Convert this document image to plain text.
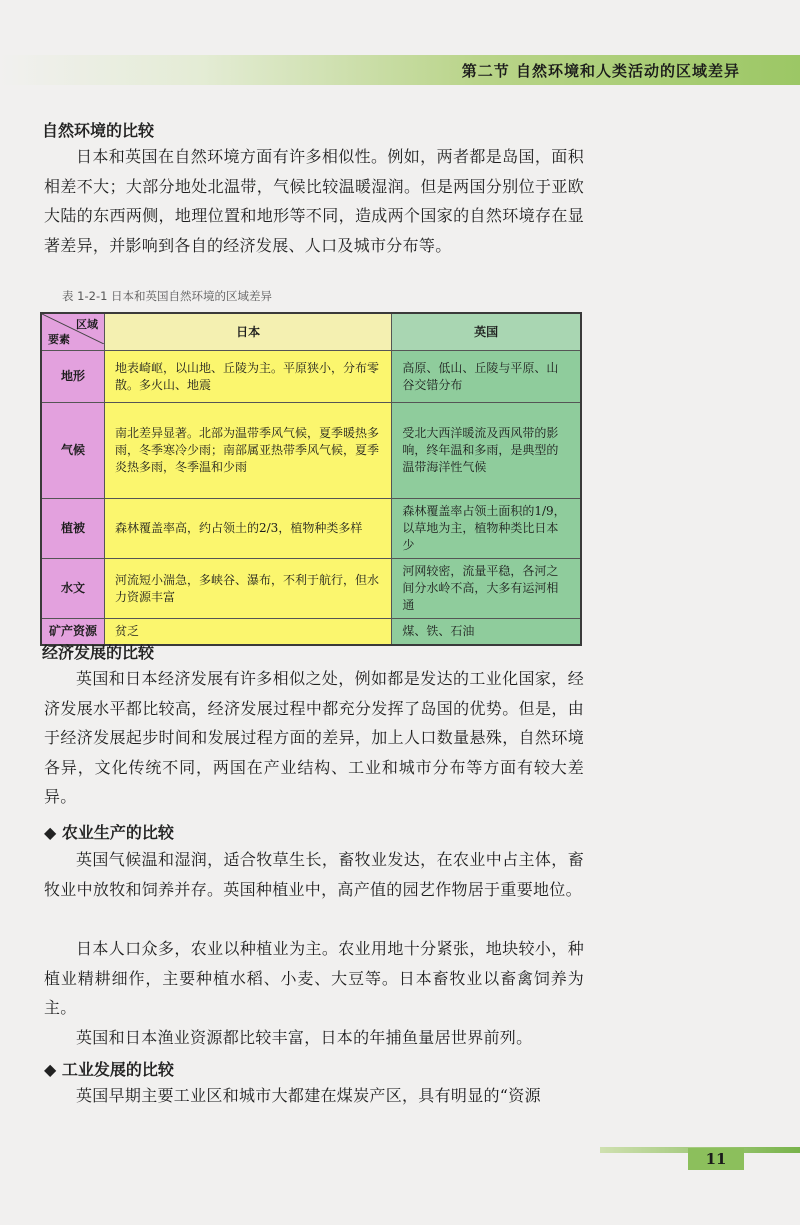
第二节 自然环境和人类活动的区域差异
自然环境的比较

日本和英国在自然环境方面有许多相似性。例如，两者都是岛国，面积相差不大；大部分地处北温带，气候比较温暖湿润。但是两国分别位于亚欧大陆的东西两侧，地理位置和地形等不同，造成两个国家的自然环境存在显著差异，并影响到各自的经济发展、人口及城市分布等。

表 1-2-1 日本和英国自然环境的区域差异
区域
要素	日本	英国
地形	地表崎岖，以山地、丘陵为主。平原狭小，分布零散。多火山、地震	高原、低山、丘陵与平原、山谷交错分布
气候	南北差异显著。北部为温带季风气候，夏季暖热多雨，冬季寒冷少雨；南部属亚热带季风气候，夏季炎热多雨，冬季温和少雨	受北大西洋暖流及西风带的影响，终年温和多雨，是典型的温带海洋性气候
植被	森林覆盖率高，约占领土的2/3，植物种类多样	森林覆盖率占领土面积的1/9，以草地为主，植物种类比日本少
水文	河流短小湍急，多峡谷、瀑布，不利于航行，但水力资源丰富	河网较密，流量平稳，各河之间分水岭不高，大多有运河相通
矿产资源	贫乏	煤、铁、石油
经济发展的比较

英国和日本经济发展有许多相似之处，例如都是发达的工业化国家，经济发展水平都比较高，经济发展过程中都充分发挥了岛国的优势。但是，由于经济发展起步时间和发展过程方面的差异，加上人口数量悬殊，自然环境各异，文化传统不同，两国在产业结构、工业和城市分布等方面有较大差异。

◆ 农业生产的比较

英国气候温和湿润，适合牧草生长，畜牧业发达，在农业中占主体，畜牧业中放牧和饲养并存。英国种植业中，高产值的园艺作物居于重要地位。

日本人口众多，农业以种植业为主。农业用地十分紧张，地块较小，种植业精耕细作，主要种植水稻、小麦、大豆等。日本畜牧业以畜禽饲养为主。

英国和日本渔业资源都比较丰富，日本的年捕鱼量居世界前列。

◆ 工业发展的比较

英国早期主要工业区和城市大都建在煤炭产区，具有明显的“资源

11
